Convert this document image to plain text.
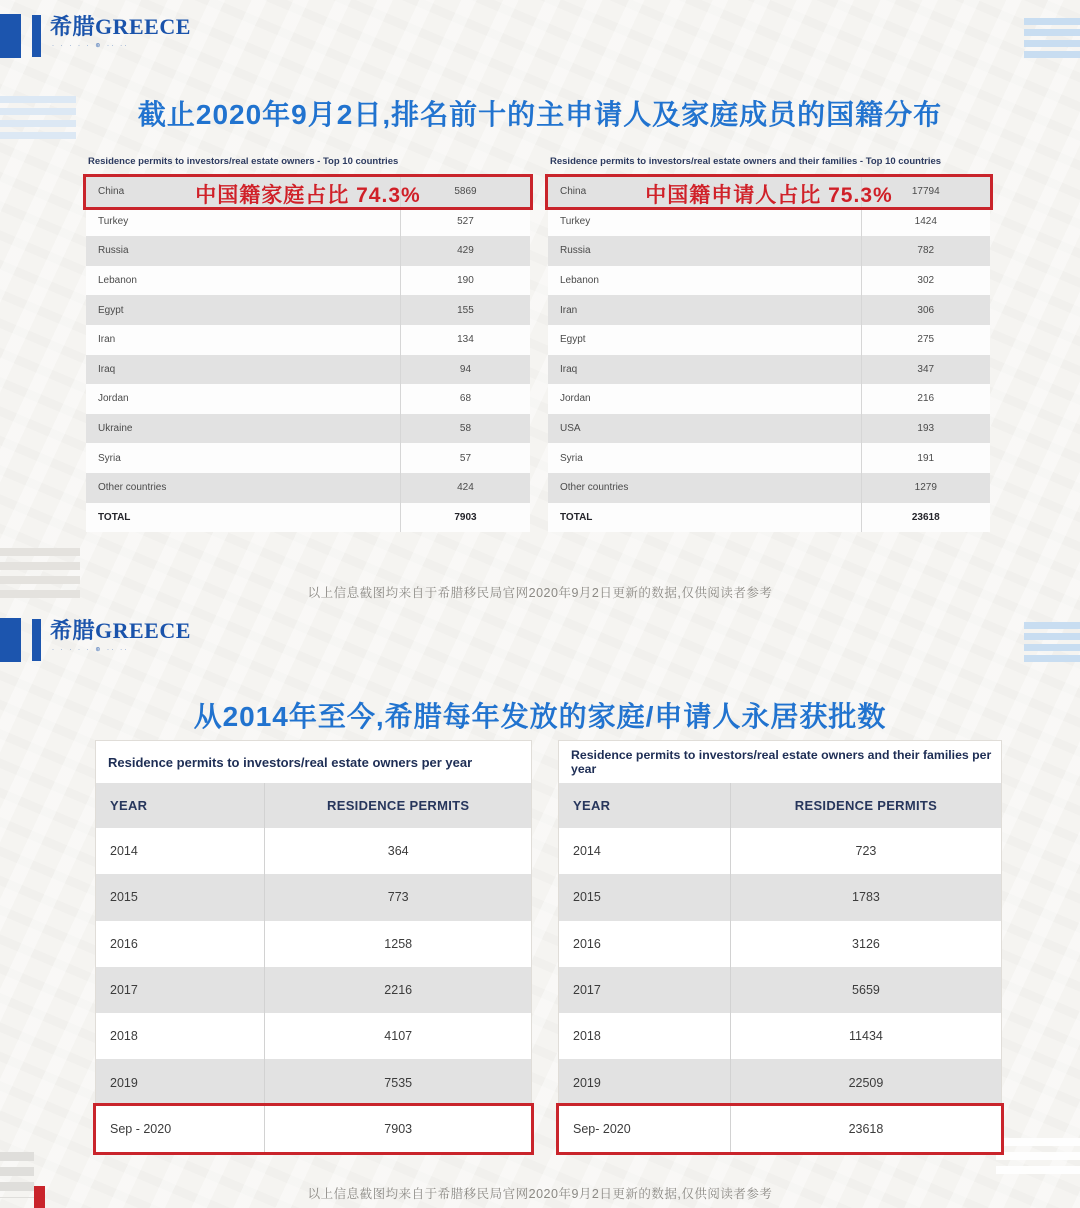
希腊GREECE
· · · · · ⊛ ·· ··
截止2020年9月2日,排名前十的主申请人及家庭成员的国籍分布
Residence permits to investors/real estate owners - Top 10 countries
China	5869
Turkey	527
Russia	429
Lebanon	190
Egypt	155
Iran	134
Iraq	94
Jordan	68
Ukraine	58
Syria	57
Other countries	424
TOTAL	7903
中国籍家庭占比 74.3%
Residence permits to investors/real estate owners and their families - Top 10 countries
China	17794
Turkey	1424
Russia	782
Lebanon	302
Iran	306
Egypt	275
Iraq	347
Jordan	216
USA	193
Syria	191
Other countries	1279
TOTAL	23618
中国籍申请人占比 75.3%

以上信息截图均来自于希腊移民局官网2020年9月2日更新的数据,仅供阅读者参考

希腊GREECE
· · · · · ⊛ ·· ··
从2014年至今,希腊每年发放的家庭/申请人永居获批数
Residence permits to investors/real estate owners per year
YEAR	RESIDENCE PERMITS
2014	364
2015	773
2016	1258
2017	2216
2018	4107
2019	7535
Sep - 2020	7903
Residence permits to investors/real estate owners and their families per year
YEAR	RESIDENCE PERMITS
2014	723
2015	1783
2016	3126
2017	5659
2018	11434
2019	22509
Sep- 2020	23618

以上信息截图均来自于希腊移民局官网2020年9月2日更新的数据,仅供阅读者参考
